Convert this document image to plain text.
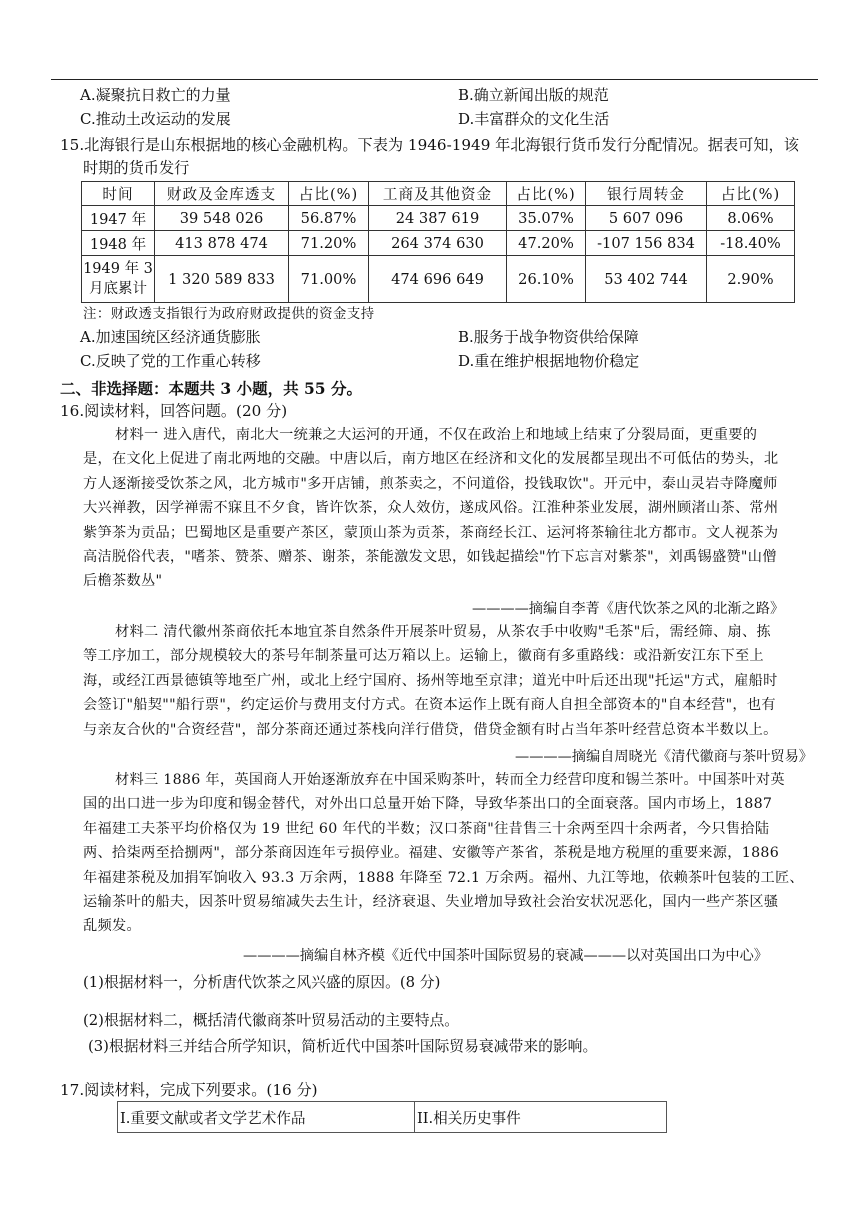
A.凝聚抗日救亡的力量	B.确立新闻出版的规范
C.推动土改运动的发展	D.丰富群众的文化生活
15.北海银行是山东根据地的核心金融机构。下表为 1946-1949 年北海银行货币发行分配情况。据表可知，该
时期的货币发行
时间	财政及金库透支	占比(%)	工商及其他资金	占比(%)	银行周转金	占比(%)
1947 年	39 548 026	56.87%	24 387 619	35.07%	5 607 096	8.06%
1948 年	413 878 474	71.20%	264 374 630	47.20%	-107 156 834	-18.40%
1949 年 3
月底累计	1 320 589 833	71.00%	474 696 649	26.10%	53 402 744	2.90%
注：财政透支指银行为政府财政提供的资金支持
A.加速国统区经济通货膨胀	B.服务于战争物资供给保障
C.反映了党的工作重心转移	D.重在维护根据地物价稳定
二、非选择题：本题共 3 小题，共 55 分。
16.阅读材料，回答问题。(20 分)

材料一 进入唐代，南北大一统兼之大运河的开通，不仅在政治上和地域上结束了分裂局面，更重要的

是，在文化上促进了南北两地的交融。中唐以后，南方地区在经济和文化的发展都呈现出不可低估的势头，北

方人逐渐接受饮茶之风，北方城市"多开店铺，煎茶卖之，不问道俗，投钱取饮"。开元中，泰山灵岩寺降魔师

大兴禅教，因学禅需不寐且不夕食，皆许饮茶，众人效仿，遂成风俗。江淮种茶业发展，湖州顾渚山茶、常州

紫笋茶为贡品；巴蜀地区是重要产茶区，蒙顶山茶为贡茶，茶商经长江、运河将茶输往北方都市。文人视茶为

高洁脱俗代表，"嗜茶、赞茶、赠茶、谢茶，茶能激发文思，如钱起描绘"竹下忘言对紫茶"，刘禹锡盛赞"山僧

后檐茶数丛"

————摘编自李菁《唐代饮茶之风的北渐之路》

材料二 清代徽州茶商依托本地宜茶自然条件开展茶叶贸易，从茶农手中收购"毛茶"后，需经筛、扇、拣

等工序加工，部分规模较大的茶号年制茶量可达万箱以上。运输上，徽商有多重路线：或沿新安江东下至上

海，或经江西景德镇等地至广州，或北上经宁国府、扬州等地至京津；道光中叶后还出现"托运"方式，雇船时

会签订"船契""船行票"，约定运价与费用支付方式。在资本运作上既有商人自担全部资本的"自本经营"，也有

与亲友合伙的"合资经营"，部分茶商还通过茶栈向洋行借贷，借贷金额有时占当年茶叶经营总资本半数以上。

————摘编自周晓光《清代徽商与茶叶贸易》

材料三 1886 年，英国商人开始逐渐放弃在中国采购茶叶，转而全力经营印度和锡兰茶叶。中国茶叶对英

国的出口进一步为印度和锡金替代，对外出口总量开始下降，导致华茶出口的全面衰落。国内市场上，1887

年福建工夫茶平均价格仅为 19 世纪 60 年代的半数；汉口茶商"往昔售三十余两至四十余两者，今只售拾陆

两、拾柒两至拾捌两"，部分茶商因连年亏损停业。福建、安徽等产茶省，茶税是地方税厘的重要来源，1886

年福建茶税及加捐军饷收入 93.3 万余两，1888 年降至 72.1 万余两。福州、九江等地，依赖茶叶包装的工匠、

运输茶叶的船夫，因茶叶贸易缩减失去生计，经济衰退、失业增加导致社会治安状况恶化，国内一些产茶区骚

乱频发。

————摘编自林齐模《近代中国茶叶国际贸易的衰减———以对英国出口为中心》
(1)根据材料一，分析唐代饮茶之风兴盛的原因。(8 分)
(2)根据材料二，概括清代徽商茶叶贸易活动的主要特点。
(3)根据材料三并结合所学知识，简析近代中国茶叶国际贸易衰减带来的影响。
17.阅读材料，完成下列要求。(16 分)
I.重要文献或者文学艺术作品	II.相关历史事件
